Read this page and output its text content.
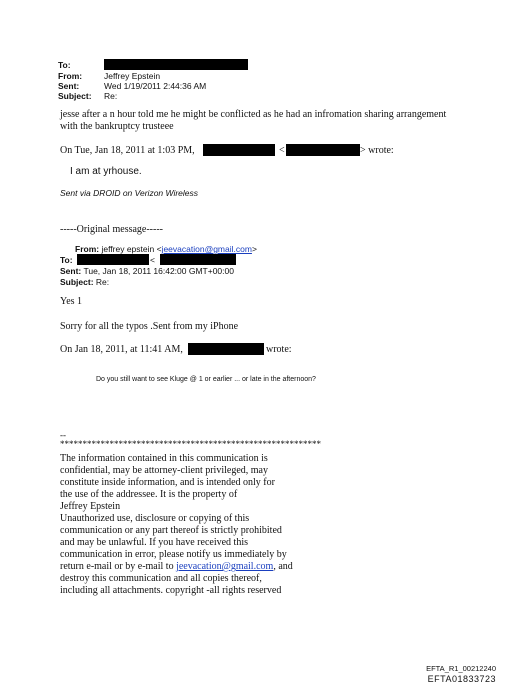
To:
From:	Jeffrey Epstein
Sent:	Wed 1/19/2011 2:44:36 AM
Subject: Re:
jesse after a n hour told me he might be conflicted as he had an infromation sharing arrangement
with the bankruptcy trusteee
On Tue, Jan 18, 2011 at 1:03 PM,	<	> wrote:
I am at yrhouse.
Sent via DROID on Verizon Wireless
-----Original message-----
From: jeffrey epstein <jeevacation@gmail.com>
To:	<
Sent: Tue, Jan 18, 2011 16:42:00 GMT+00:00
Subject: Re:
Yes 1
Sorry for all the typos .Sent from my iPhone
On Jan 18, 2011, at 11:41 AM,	wrote:
Do you still want to see Kluge @ 1 or earlier ... or late in the afternoon?
--
**********************************************************
The information contained in this communication is
confidential, may be attorney-client privileged, may
constitute inside information, and is intended only for
the use of the addressee. It is the property of
Jeffrey Epstein
Unauthorized use, disclosure or copying of this
communication or any part thereof is strictly prohibited
and may be unlawful. If you have received this
communication in error, please notify us immediately by
return e-mail or by e-mail to jeevacation@gmail.com, and
destroy this communication and all copies thereof,
including all attachments. copyright -all rights reserved
EFTA_R1_00212240
EFTA01833723
